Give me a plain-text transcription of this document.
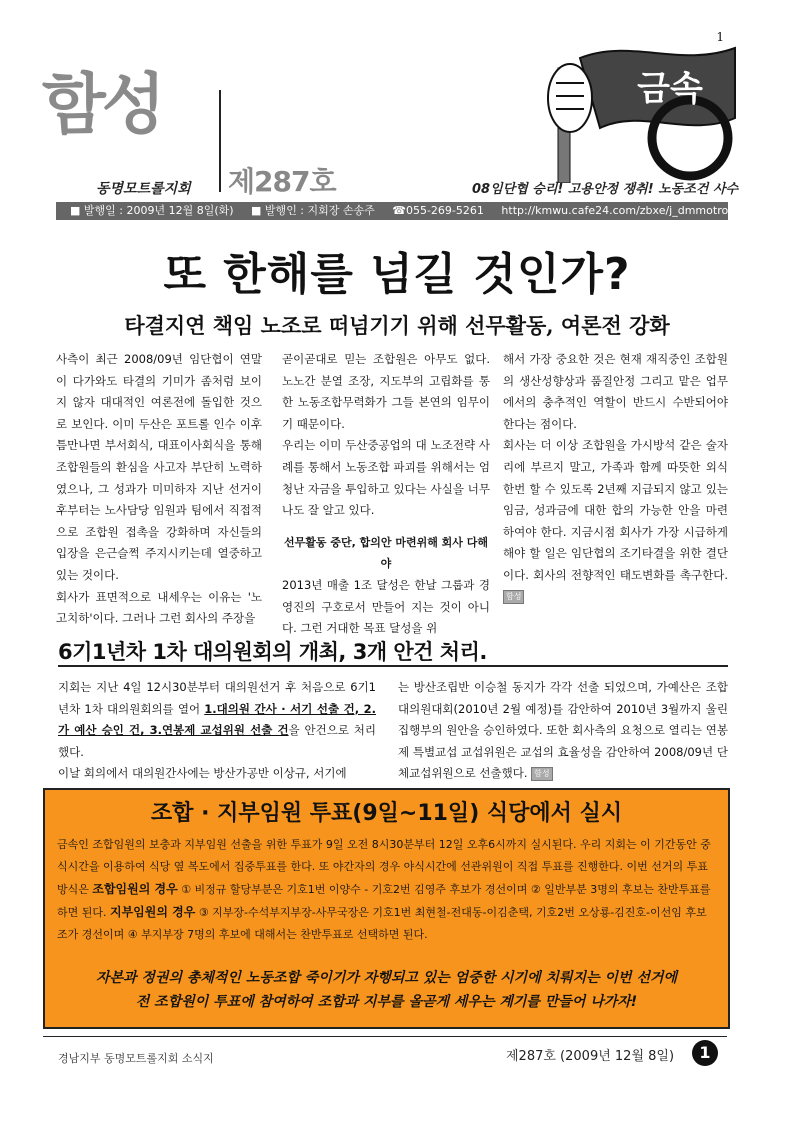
1
함성
동명모트롤지회 제287호
금속
08임단협 승리! 고용안정 쟁취! 노동조건 사수
■ 발행일 : 2009년 12월 8일(화) ■ 발행인 : 지회장 손송주 ☎055-269-5261 http://kmwu.cafe24.com/zbxe/j_dmmotrol/
또 한해를 넘길 것인가?
타결지연 책임 노조로 떠넘기기 위해 선무활동, 여론전 강화

사측이 최근 2008/09년 임단협이 연말이 다가와도 타결의 기미가 좀처럼 보이지 않자 대대적인 여론전에 돌입한 것으로 보인다. 이미 두산은 포트롤 인수 이후 틈만나면 부서회식, 대표이사회식을 통해 조합원들의 환심을 사고자 부단히 노력하였으나, 그 성과가 미미하자 지난 선거이후부터는 노사담당 임원과 팀에서 직접적으로 조합원 접촉을 강화하며 자신들의 입장을 은근슬쩍 주지시키는데 열중하고 있는 것이다.

회사가 표면적으로 내세우는 이유는 '노고치하'이다. 그러나 그런 회사의 주장을

곧이곧대로 믿는 조합원은 아무도 없다. 노노간 분열 조장, 지도부의 고립화를 통한 노동조합무력화가 그들 본연의 임무이기 때문이다.

우리는 이미 두산중공업의 대 노조전략 사례를 통해서 노동조합 파괴를 위해서는 엄청난 자금을 투입하고 있다는 사실을 너무나도 잘 알고 있다.

선무활동 중단, 합의안 마련위해 회사 다해야

2013년 매출 1조 달성은 한날 그룹과 경영진의 구호로서 만들어 지는 것이 아니다. 그런 거대한 목표 달성을 위

해서 가장 중요한 것은 현재 재직중인 조합원의 생산성향상과 품질안정 그리고 맡은 업무에서의 충추적인 역할이 반드시 수반되어야 한다는 점이다.

회사는 더 이상 조합원을 가시방석 같은 술자리에 부르지 말고, 가족과 함께 따뜻한 외식한번 할 수 있도록 2년째 지급되지 않고 있는 임금, 성과금에 대한 합의 가능한 안을 마련하여야 한다. 지금시점 회사가 가장 시급하게 해야 할 일은 임단협의 조기타결을 위한 결단이다. 회사의 전향적인 태도변화를 촉구한다. 함성

6기1년차 1차 대의원회의 개최, 3개 안건 처리.
지회는 지난 4일 12시30분부터 대의원선거 후 처음으로 6기1년차 1차 대의원회의를 열어 1.대의원 간사 · 서기 선출 건, 2.가 예산 승인 건, 3.연봉제 교섭위원 선출 건을 안건으로 처리 했다.
이날 회의에서 대의원간사에는 방산가공반 이상규, 서기에
는 방산조립반 이승철 동지가 각각 선출 되었으며, 가예산은 조합 대의원대회(2010년 2월 예정)를 감안하여 2010년 3월까지 울린 집행부의 원안을 승인하였다. 또한 회사측의 요청으로 열리는 연봉제 특별교섭 교섭위원은 교섭의 효율성을 감안하여 2008/09년 단체교섭위원으로 선출했다. 함성
조합 · 지부임원 투표(9일~11일) 식당에서 실시
금속인 조합임원의 보충과 지부임원 선출을 위한 투표가 9일 오전 8시30분부터 12일 오후6시까지 실시된다. 우리 지회는 이 기간동안 중식시간을 이용하여 식당 옆 복도에서 집중투표를 한다. 또 야간자의 경우 야식시간에 선관위원이 직접 투표를 진행한다. 이번 선거의 투표방식은 조합임원의 경우 ① 비정규 할당부분은 기호1번 이양수 - 기호2번 김영주 후보가 경선이며 ② 일반부분 3명의 후보는 찬반투표를 하면 된다. 지부임원의 경우 ③ 지부장-수석부지부장-사무국장은 기호1번 최현철-전대동-이김춘택, 기호2번 오상룡-김진호-이선임 후보조가 경선이며 ④ 부지부장 7명의 후보에 대해서는 찬반투표로 선택하면 된다.
자본과 정권의 총체적인 노동조합 죽이기가 자행되고 있는 엄중한 시기에 치뤄지는 이번 선거에
전 조합원이 투표에 참여하여 조합과 지부를 올곧게 세우는 계기를 만들어 나가자!
경남지부 동명모트롤지회 소식지	제287호 (2009년 12월 8일)	1
